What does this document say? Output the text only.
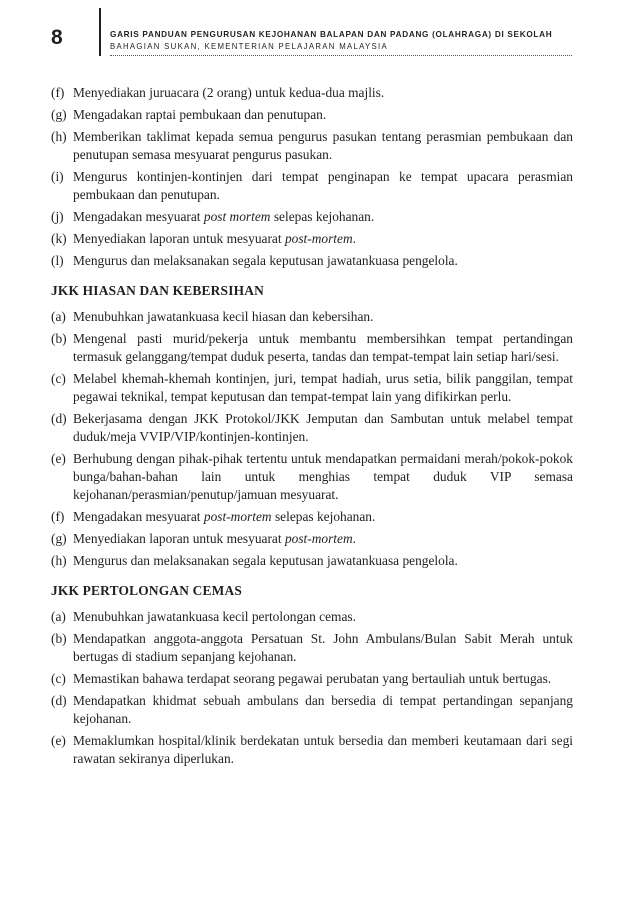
8	GARIS PANDUAN PENGURUSAN KEJOHANAN BALAPAN DAN PADANG (OLAHRAGA) DI SEKOLAH
BAHAGIAN SUKAN, KEMENTERIAN PELAJARAN MALAYSIA
(f) Menyediakan juruacara (2 orang) untuk kedua-dua majlis.
(g) Mengadakan raptai pembukaan dan penutupan.
(h) Memberikan taklimat kepada semua pengurus pasukan tentang perasmian pembukaan dan penutupan semasa mesyuarat pengurus pasukan.
(i) Mengurus kontinjen-kontinjen dari tempat penginapan ke tempat upacara perasmian pembukaan dan penutupan.
(j) Mengadakan mesyuarat post mortem selepas kejohanan.
(k) Menyediakan laporan untuk mesyuarat post-mortem.
(l) Mengurus dan melaksanakan segala keputusan jawatankuasa pengelola.
JKK HIASAN DAN KEBERSIHAN
(a) Menubuhkan jawatankuasa kecil hiasan dan kebersihan.
(b) Mengenal pasti murid/pekerja untuk membantu membersihkan tempat pertandingan termasuk gelanggang/tempat duduk peserta, tandas dan tempat-tempat lain setiap hari/sesi.
(c) Melabel khemah-khemah kontinjen, juri, tempat hadiah, urus setia, bilik panggilan, tempat pegawai teknikal, tempat keputusan dan tempat-tempat lain yang difikirkan perlu.
(d) Bekerjasama dengan JKK Protokol/JKK Jemputan dan Sambutan untuk melabel tempat duduk/meja VVIP/VIP/kontinjen-kontinjen.
(e) Berhubung dengan pihak-pihak tertentu untuk mendapatkan permaidani merah/pokok-pokok bunga/bahan-bahan lain untuk menghias tempat duduk VIP semasa kejohanan/perasmian/penutup/jamuan mesyuarat.
(f) Mengadakan mesyuarat post-mortem selepas kejohanan.
(g) Menyediakan laporan untuk mesyuarat post-mortem.
(h) Mengurus dan melaksanakan segala keputusan jawatankuasa pengelola.
JKK PERTOLONGAN CEMAS
(a) Menubuhkan jawatankuasa kecil pertolongan cemas.
(b) Mendapatkan anggota-anggota Persatuan St. John Ambulans/Bulan Sabit Merah untuk bertugas di stadium sepanjang kejohanan.
(c) Memastikan bahawa terdapat seorang pegawai perubatan yang bertauliah untuk bertugas.
(d) Mendapatkan khidmat sebuah ambulans dan bersedia di tempat pertandingan sepanjang kejohanan.
(e) Memaklumkan hospital/klinik berdekatan untuk bersedia dan memberi keutamaan dari segi rawatan sekiranya diperlukan.
